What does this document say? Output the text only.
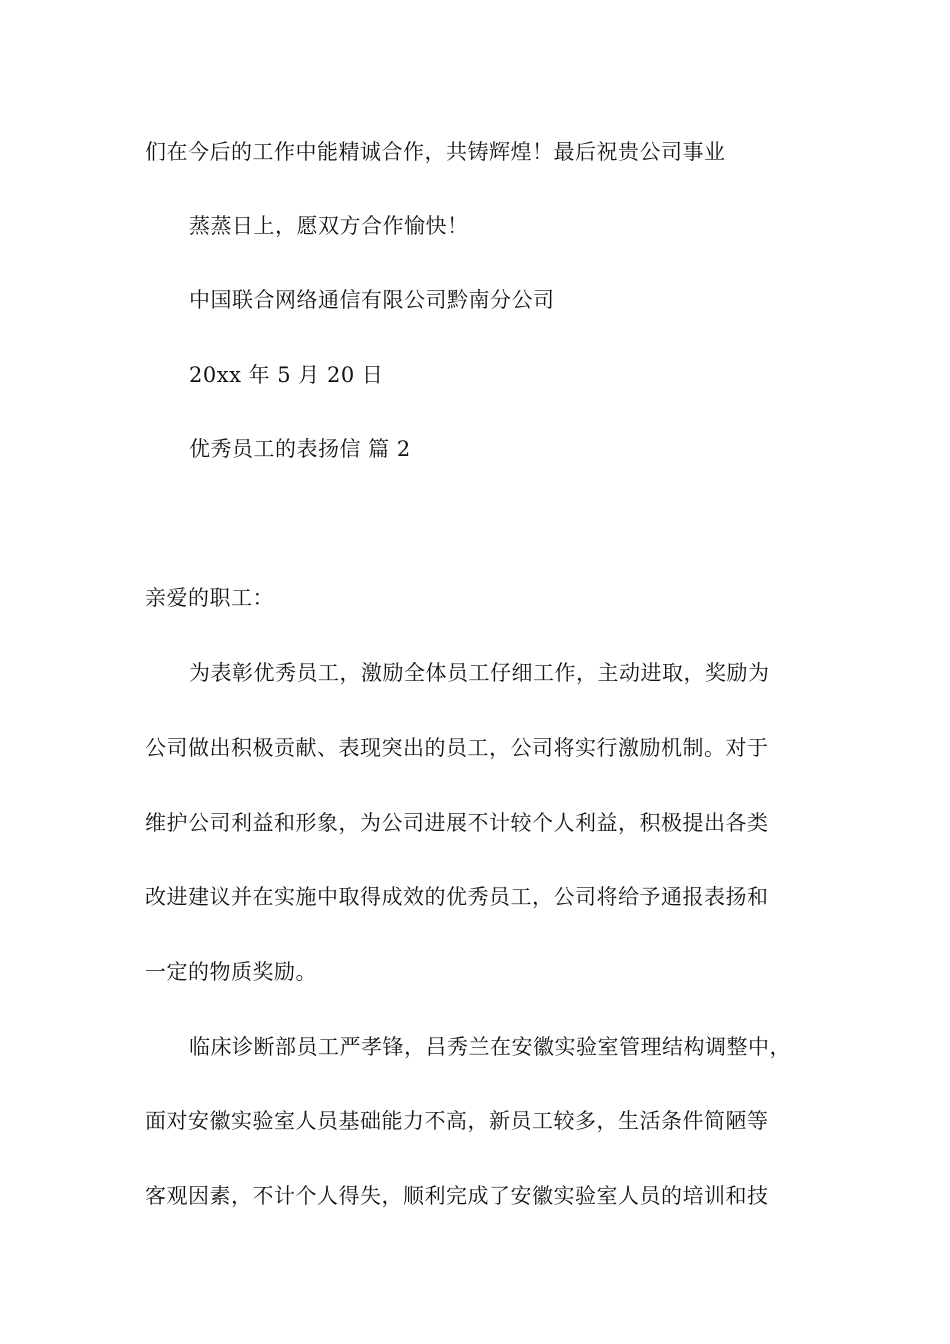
们在今后的工作中能精诚合作，共铸辉煌！最后祝贵公司事业
蒸蒸日上，愿双方合作愉快！
中国联合网络通信有限公司黔南分公司
20xx 年 5 月 20 日
优秀员工的表扬信 篇 2
亲爱的职工：
为表彰优秀员工，激励全体员工仔细工作，主动进取，奖励为
公司做出积极贡献、表现突出的员工，公司将实行激励机制。对于
维护公司利益和形象，为公司进展不计较个人利益，积极提出各类
改进建议并在实施中取得成效的优秀员工，公司将给予通报表扬和
一定的物质奖励。
临床诊断部员工严孝锋，吕秀兰在安徽实验室管理结构调整中，
面对安徽实验室人员基础能力不高，新员工较多，生活条件简陋等
客观因素，不计个人得失，顺利完成了安徽实验室人员的培训和技
